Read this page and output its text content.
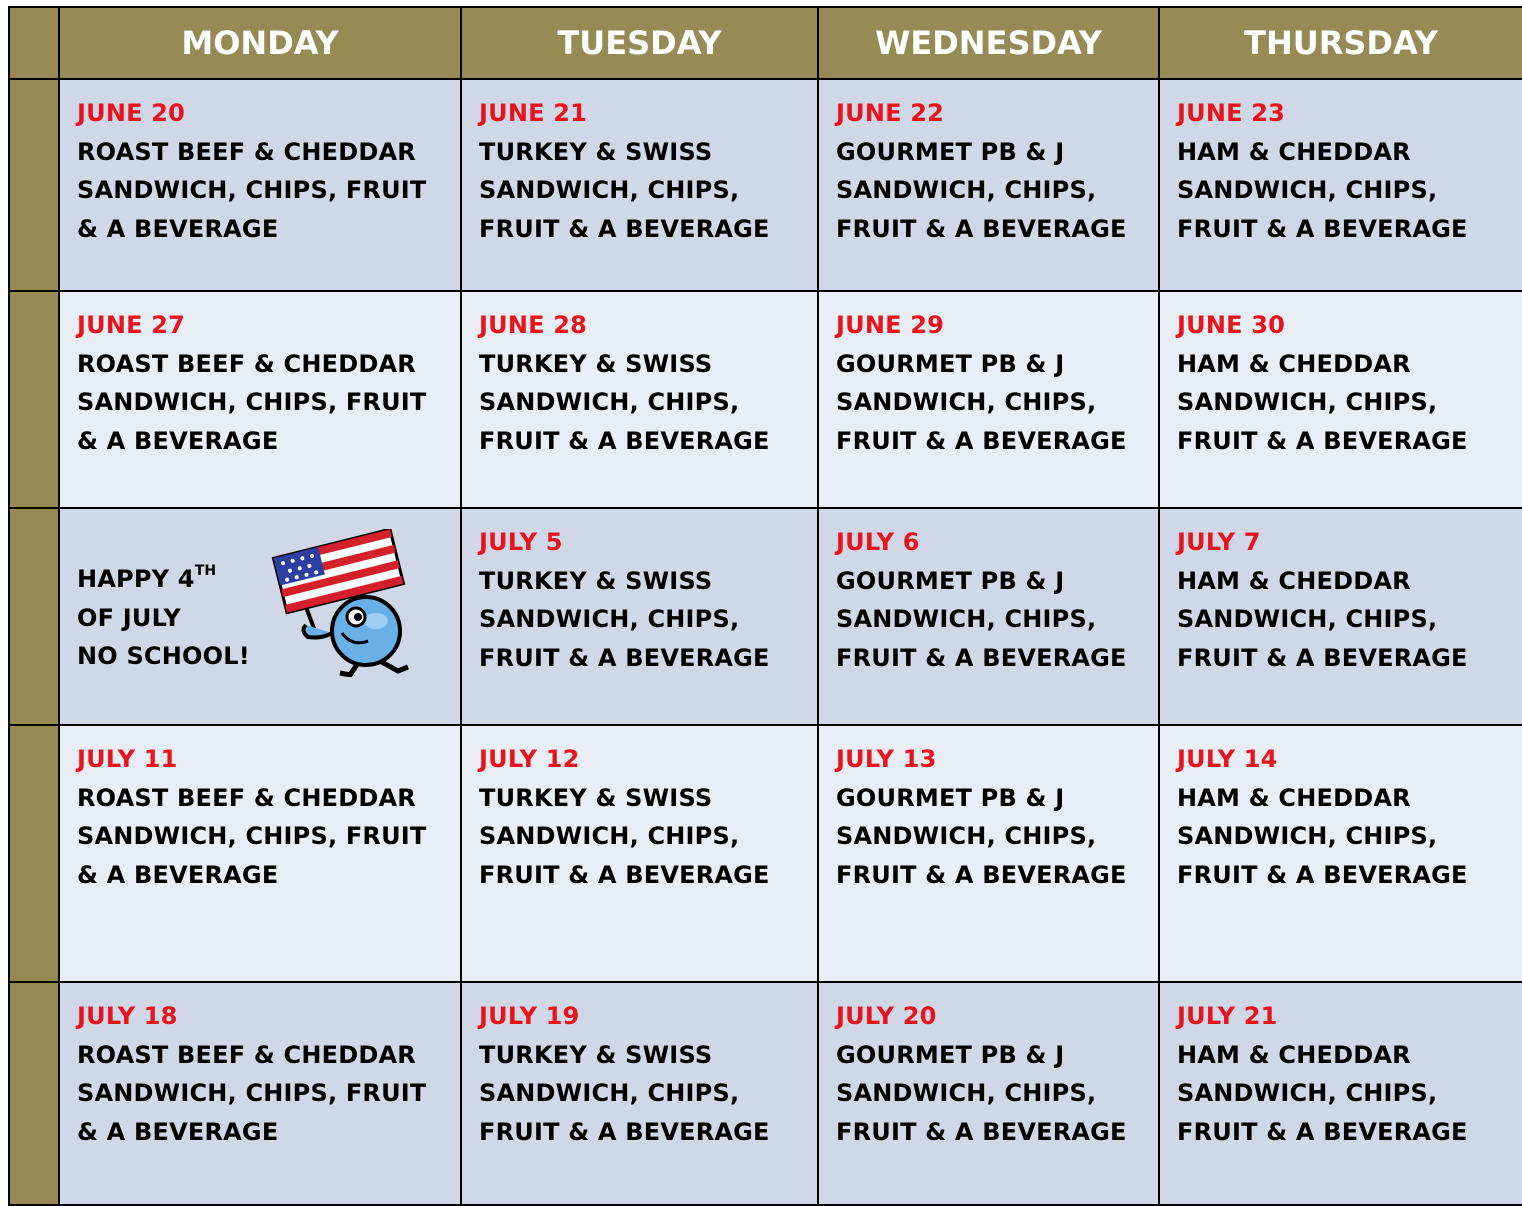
	MONDAY	TUESDAY	WEDNESDAY	THURSDAY

	JUNE 20
ROAST BEEF & CHEDDAR
SANDWICH, CHIPS, FRUIT
& A BEVERAGE	JUNE 21
TURKEY & SWISS
SANDWICH, CHIPS,
FRUIT & A BEVERAGE	JUNE 22
GOURMET PB & J
SANDWICH, CHIPS,
FRUIT & A BEVERAGE	JUNE 23
HAM & CHEDDAR
SANDWICH, CHIPS,
FRUIT & A BEVERAGE

	JUNE 27
ROAST BEEF & CHEDDAR
SANDWICH, CHIPS, FRUIT
& A BEVERAGE	JUNE 28
TURKEY & SWISS
SANDWICH, CHIPS,
FRUIT & A BEVERAGE	JUNE 29
GOURMET PB & J
SANDWICH, CHIPS,
FRUIT & A BEVERAGE	JUNE 30
HAM & CHEDDAR
SANDWICH, CHIPS,
FRUIT & A BEVERAGE

	HAPPY 4TH
OF JULY
NO SCHOOL!	JULY 5
TURKEY & SWISS
SANDWICH, CHIPS,
FRUIT & A BEVERAGE	JULY 6
GOURMET PB & J
SANDWICH, CHIPS,
FRUIT & A BEVERAGE	JULY 7
HAM & CHEDDAR
SANDWICH, CHIPS,
FRUIT & A BEVERAGE

	JULY 11
ROAST BEEF & CHEDDAR
SANDWICH, CHIPS, FRUIT
& A BEVERAGE	JULY 12
TURKEY & SWISS
SANDWICH, CHIPS,
FRUIT & A BEVERAGE	JULY 13
GOURMET PB & J
SANDWICH, CHIPS,
FRUIT & A BEVERAGE	JULY 14
HAM & CHEDDAR
SANDWICH, CHIPS,
FRUIT & A BEVERAGE

	JULY 18
ROAST BEEF & CHEDDAR
SANDWICH, CHIPS, FRUIT
& A BEVERAGE	JULY 19
TURKEY & SWISS
SANDWICH, CHIPS,
FRUIT & A BEVERAGE	JULY 20
GOURMET PB & J
SANDWICH, CHIPS,
FRUIT & A BEVERAGE	JULY 21
HAM & CHEDDAR
SANDWICH, CHIPS,
FRUIT & A BEVERAGE
